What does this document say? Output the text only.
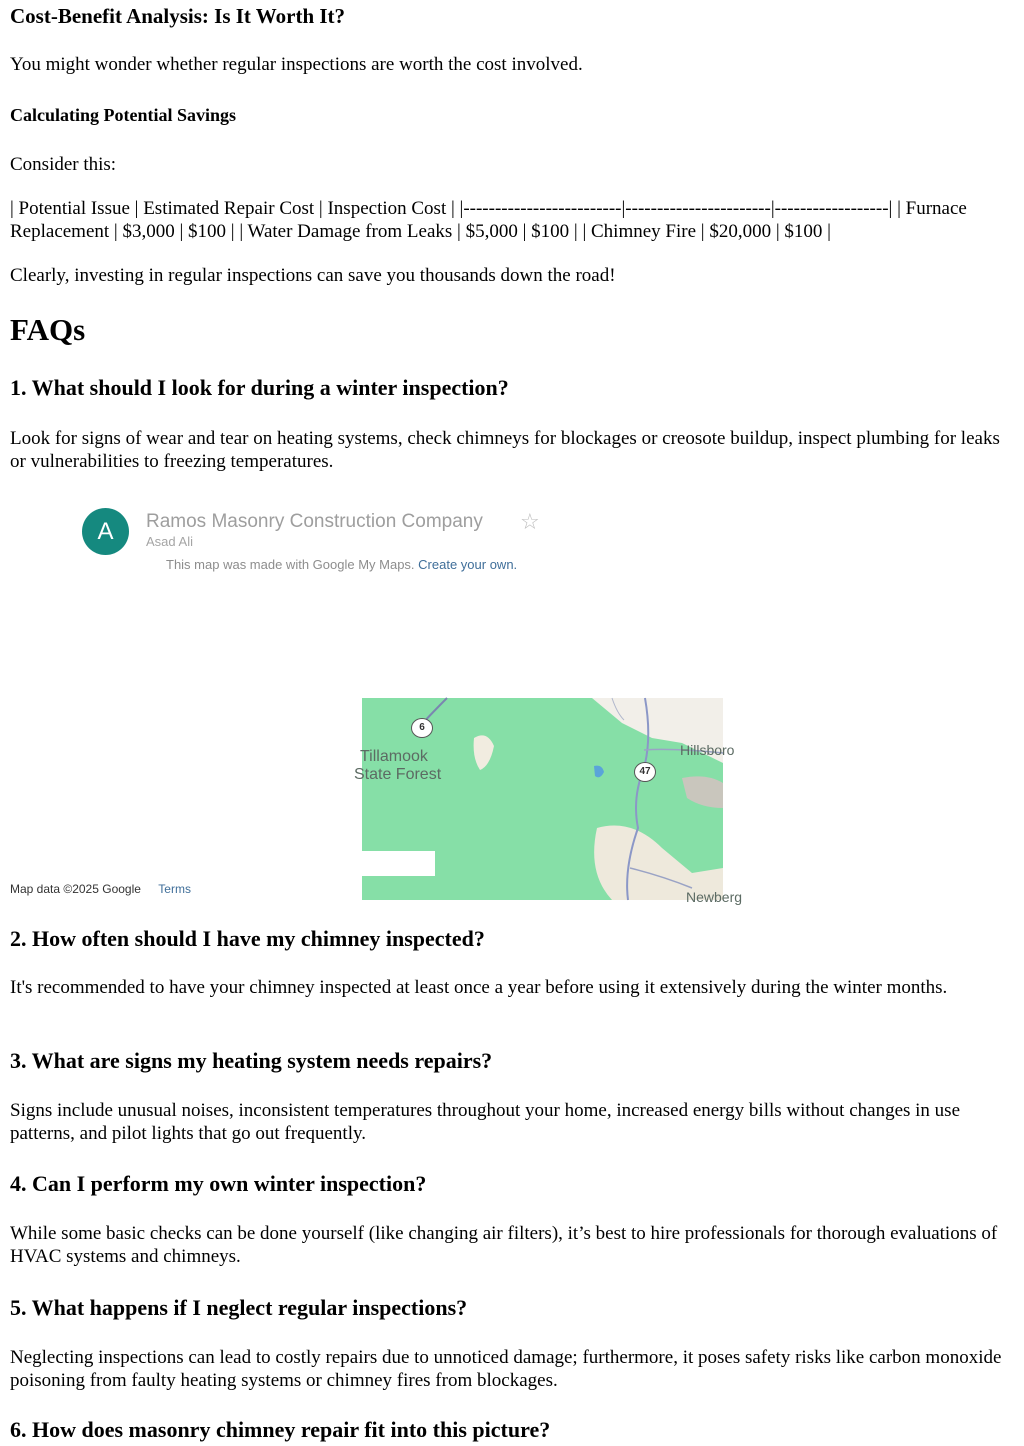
Cost-Benefit Analysis: Is It Worth It?

You might wonder whether regular inspections are worth the cost involved.

Calculating Potential Savings

Consider this:

| Potential Issue | Estimated Repair Cost | Inspection Cost | |-------------------------|-----------------------|------------------| | Furnace Replacement | $3,000 | $100 | | Water Damage from Leaks | $5,000 | $100 | | Chimney Fire | $20,000 | $100 |

Clearly, investing in regular inspections can save you thousands down the road!

FAQs
1. What should I look for during a winter inspection?

Look for signs of wear and tear on heating systems, check chimneys for blockages or creosote buildup, inspect plumbing for leaks or vulnerabilities to freezing temperatures.

A	Ramos Masonry Construction Company ☆
Asad Ali
This map was made with Google My Maps. Create your own.
Tillamook
State Forest
Hillsboro
Newberg
6
47
Map data ©2025 Google Terms
2. How often should I have my chimney inspected?

It's recommended to have your chimney inspected at least once a year before using it extensively during the winter months.

3. What are signs my heating system needs repairs?

Signs include unusual noises, inconsistent temperatures throughout your home, increased energy bills without changes in use patterns, and pilot lights that go out frequently.

4. Can I perform my own winter inspection?

While some basic checks can be done yourself (like changing air filters), it’s best to hire professionals for thorough evaluations of HVAC systems and chimneys.

5. What happens if I neglect regular inspections?

Neglecting inspections can lead to costly repairs due to unnoticed damage; furthermore, it poses safety risks like carbon monoxide poisoning from faulty heating systems or chimney fires from blockages.

6. How does masonry chimney repair fit into this picture?
